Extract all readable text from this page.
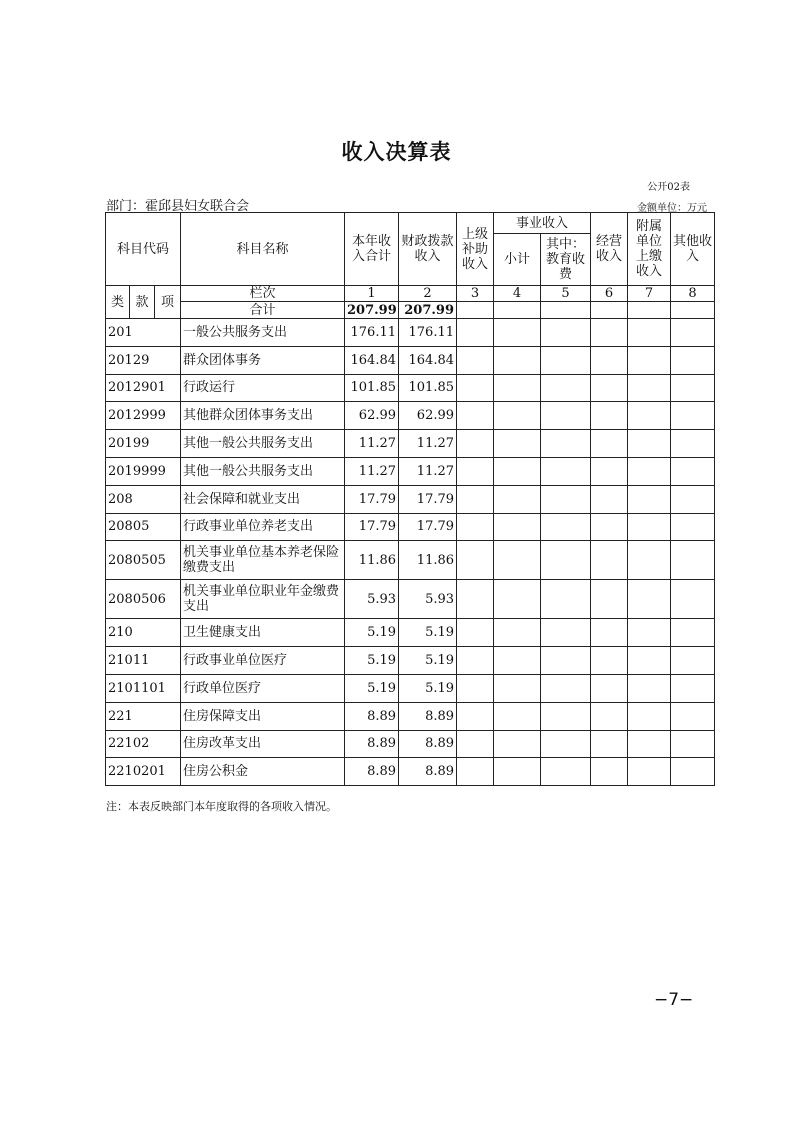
收入决算表
公开02表
部门：霍邱县妇女联合会	金额单位：万元
科目代码			科目名称	本年收入合计	财政拨款收入	上级补助收入	事业收入		经营收入	附属单位上缴收入	其他收入
							小计	其中：教育收费			

类	款	项	栏次	1	2	3	4	5	6	7	8
			合计	207.99	207.99						
201			一般公共服务支出	176.11	176.11						
20129			群众团体事务	164.84	164.84						
2012901			行政运行	101.85	101.85						
2012999			其他群众团体事务支出	62.99	62.99						
20199			其他一般公共服务支出	11.27	11.27						
2019999			其他一般公共服务支出	11.27	11.27						
208			社会保障和就业支出	17.79	17.79						
20805			行政事业单位养老支出	17.79	17.79						
2080505			机关事业单位基本养老保险缴费支出	11.86	11.86						
2080506			机关事业单位职业年金缴费支出	5.93	5.93						
210			卫生健康支出	5.19	5.19						
21011			行政事业单位医疗	5.19	5.19						
2101101			行政单位医疗	5.19	5.19						
221			住房保障支出	8.89	8.89						
22102			住房改革支出	8.89	8.89						
2210201			住房公积金	8.89	8.89						
注：本表反映部门本年度取得的各项收入情况。
−7−
